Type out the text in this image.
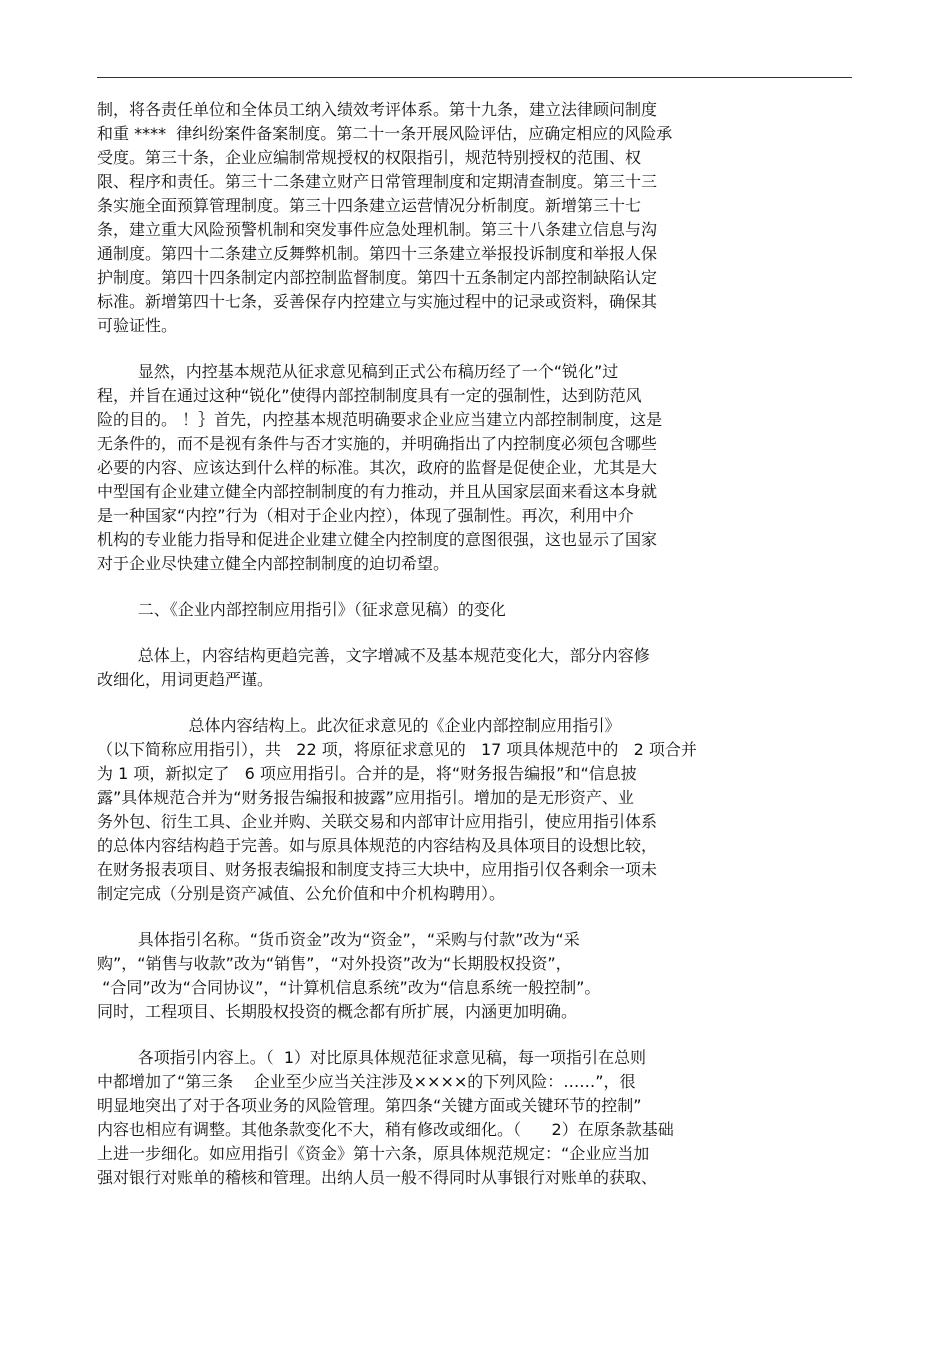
制，将各责任单位和全体员工纳入绩效考评体系。第十九条，建立法律顾问制度
和重 ****  律纠纷案件备案制度。第二十一条开展风险评估，应确定相应的风险承
受度。第三十条，企业应编制常规授权的权限指引，规范特别授权的范围、权
限、程序和责任。第三十二条建立财产日常管理制度和定期清查制度。第三十三
条实施全面预算管理制度。第三十四条建立运营情况分析制度。新增第三十七
条，建立重大风险预警机制和突发事件应急处理机制。第三十八条建立信息与沟
通制度。第四十二条建立反舞弊机制。第四十三条建立举报投诉制度和举报人保
护制度。第四十四条制定内部控制监督制度。第四十五条制定内部控制缺陷认定
标准。新增第四十七条，妥善保存内控建立与实施过程中的记录或资料，确保其
可验证性。
显然，内控基本规范从征求意见稿到正式公布稿历经了一个“锐化”过
程，并旨在通过这种“锐化”使得内部控制制度具有一定的强制性，达到防范风
险的目的。 ！｝首先，内控基本规范明确要求企业应当建立内部控制制度，这是
无条件的，而不是视有条件与否才实施的，并明确指出了内控制度必须包含哪些
必要的内容、应该达到什么样的标准。其次，政府的监督是促使企业，尤其是大
中型国有企业建立健全内部控制制度的有力推动，并且从国家层面来看这本身就
是一种国家“内控”行为（相对于企业内控），体现了强制性。再次，利用中介
机构的专业能力指导和促进企业建立健全内控制度的意图很强，这也显示了国家
对于企业尽快建立健全内部控制制度的迫切希望。
二、《企业内部控制应用指引》（征求意见稿）的变化
总体上，内容结构更趋完善，文字增减不及基本规范变化大，部分内容修
改细化，用词更趋严谨。
总体内容结构上。此次征求意见的《企业内部控制应用指引》
（以下简称应用指引），共   22 项，将原征求意见的   17 项具体规范中的   2 项合并
为 1 项，新拟定了   6 项应用指引。合并的是，将“财务报告编报”和“信息披
露”具体规范合并为“财务报告编报和披露”应用指引。增加的是无形资产、业
务外包、衍生工具、企业并购、关联交易和内部审计应用指引，使应用指引体系
的总体内容结构趋于完善。如与原具体规范的内容结构及具体项目的设想比较，
在财务报表项目、财务报表编报和制度支持三大块中，应用指引仅各剩余一项未
制定完成（分别是资产减值、公允价值和中介机构聘用）。
具体指引名称。“货币资金”改为“资金”，“采购与付款”改为“采
购”，“销售与收款”改为“销售”，“对外投资”改为“长期股权投资”，
“合同”改为“合同协议”，“计算机信息系统”改为“信息系统一般控制”。
同时，工程项目、长期股权投资的概念都有所扩展，内涵更加明确。
各项指引内容上。（  1）对比原具体规范征求意见稿，每一项指引在总则
中都增加了“第三条    企业至少应当关注涉及××××的下列风险：……”，很
明显地突出了对于各项业务的风险管理。第四条“关键方面或关键环节的控制”
内容也相应有调整。其他条款变化不大，稍有修改或细化。（      2）在原条款基础
上进一步细化。如应用指引《资金》第十六条，原具体规范规定：“企业应当加
强对银行对账单的稽核和管理。出纳人员一般不得同时从事银行对账单的获取、
